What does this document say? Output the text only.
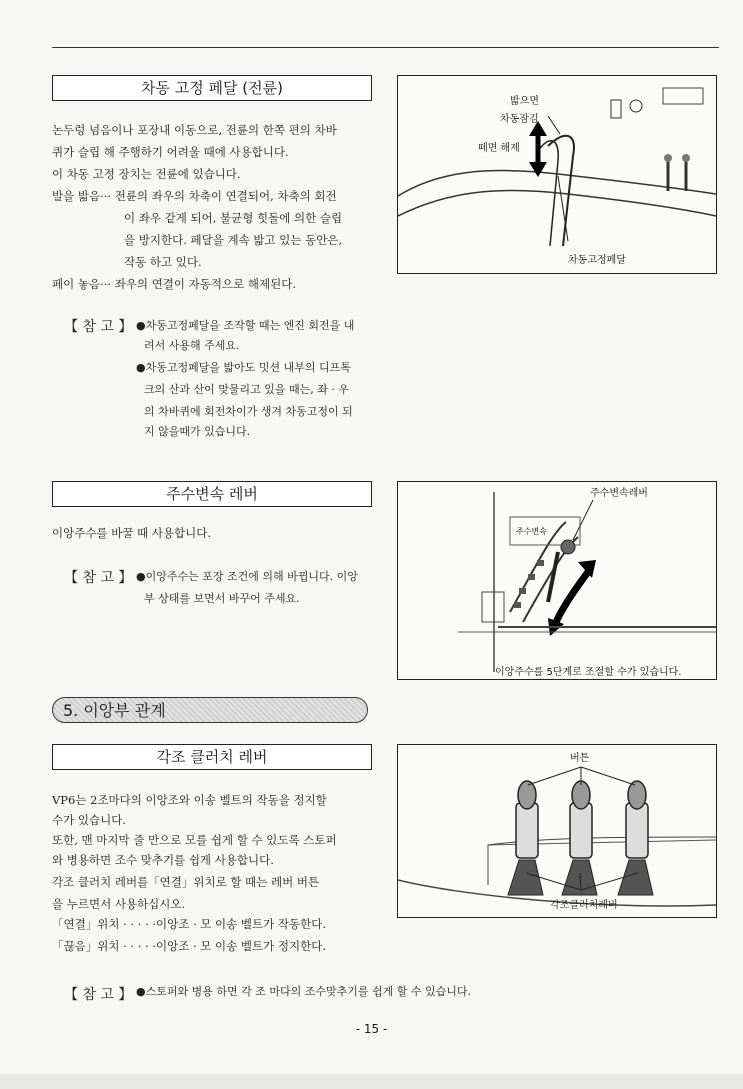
차동 고정 페달 (전륜)

논두렁 넘음이나 포장내 이동으로, 전륜의 한쪽 편의 차바

퀴가 슬립 해 주행하기 어려울 때에 사용합니다.

이 차동 고정 장치는 전륜에 있습니다.

발을 밟음··· 전륜의 좌우의 차축이 연결되어, 차축의 회전

이 좌우 같게 되어, 불균형 힛돌에 의한 슬립

을 방지한다. 페달을 계속 밟고 있는 동안은,

작동 하고 있다.

페이 놓음··· 좌우의 연결이 자동적으로 해제된다.

【 참 고 】 ●차동고정페달을 조작할 때는 엔진 회전을 내
려서 사용해 주세요.
●차동고정페달을 밟아도 밋션 내부의 디프톡
크의 산과 산이 맞물리고 있을 때는, 좌 · 우
의 차바퀴에 회전차이가 생겨 차동고정이 되
지 않을때가 있습니다.
밟으면
차동잠김
떼면 해제
차동고정페달
주수변속 레버

이앙주수를 바꿀 때 사용합니다.

【 참 고 】 ●이앙주수는 포장 조건에 의해 바뀝니다. 이앙
부 상태를 보면서 바꾸어 주세요.
주수변속레버
주수변속
이앙주수를 5단계로 조절할 수가 있습니다.
5. 이앙부 관계
각조 클러치 레버

VP6는 2조마다의 이앙조와 이송 벨트의 작동을 정지할

수가 있습니다.

또한, 맨 마지막 줄 만으로 모를 쉽게 할 수 있도록 스토퍼

와 병용하면 조수 맞추기를 쉽게 사용합니다.

각조 클러치 레버를「연결」위치로 할 때는 레버 버튼

을 누르면서 사용하십시오.

「연결」위치 · · · · ·이앙조 · 모 이송 벨트가 작동한다.

「끊음」위치 · · · · ·이앙조 · 모 이송 벨트가 정지한다.

버튼
각조클러치레버
【 참 고 】 ●스토퍼와 병용 하면 각 조 마다의 조수맞추기를 쉽게 할 수 있습니다.
- 15 -
